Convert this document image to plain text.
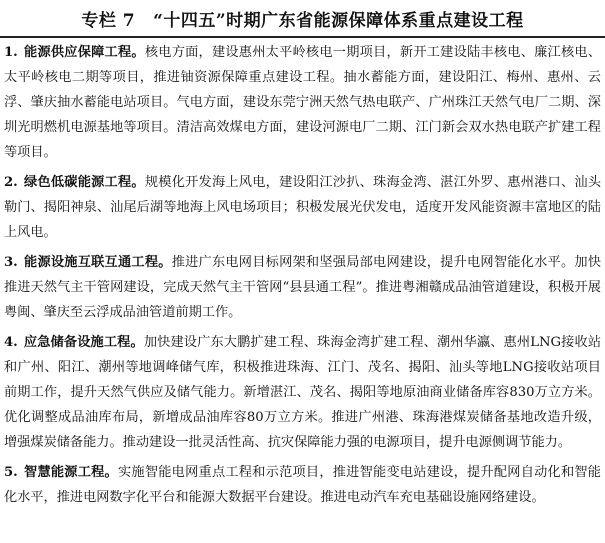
专栏 7 “十四五”时期广东省能源保障体系重点建设工程

1. 能源供应保障工程。核电方面，建设惠州太平岭核电一期项目，新开工建设陆丰核电、廉江核电、太平岭核电二期等项目，推进铀资源保障重点建设工程。抽水蓄能方面，建设阳江、梅州、惠州、云浮、肇庆抽水蓄能电站项目。气电方面，建设东莞宁洲天然气热电联产、广州珠江天然气电厂二期、深圳光明燃机电源基地等项目。清洁高效煤电方面，建设河源电厂二期、江门新会双水热电联产扩建工程等项目。

2. 绿色低碳能源工程。规模化开发海上风电，建设阳江沙扒、珠海金湾、湛江外罗、惠州港口、汕头勒门、揭阳神泉、汕尾后湖等地海上风电场项目；积极发展光伏发电，适度开发风能资源丰富地区的陆上风电。

3. 能源设施互联互通工程。推进广东电网目标网架和坚强局部电网建设，提升电网智能化水平。加快推进天然气主干管网建设，完成天然气主干管网“县县通工程”。推进粤湘赣成品油管道建设，积极开展粤闽、肇庆至云浮成品油管道前期工作。

4. 应急储备设施工程。加快建设广东大鹏扩建工程、珠海金湾扩建工程、潮州华瀛、惠州LNG接收站和广州、阳江、潮州等地调峰储气库，积极推进珠海、江门、茂名、揭阳、汕头等地LNG接收站项目前期工作，提升天然气供应及储气能力。新增湛江、茂名、揭阳等地原油商业储备库容830万立方米。优化调整成品油库布局，新增成品油库容80万立方米。推进广州港、珠海港煤炭储备基地改造升级，增强煤炭储备能力。推动建设一批灵活性高、抗灾保障能力强的电源项目，提升电源侧调节能力。

5. 智慧能源工程。实施智能电网重点工程和示范项目，推进智能变电站建设，提升配网自动化和智能化水平，推进电网数字化平台和能源大数据平台建设。推进电动汽车充电基础设施网络建设。
